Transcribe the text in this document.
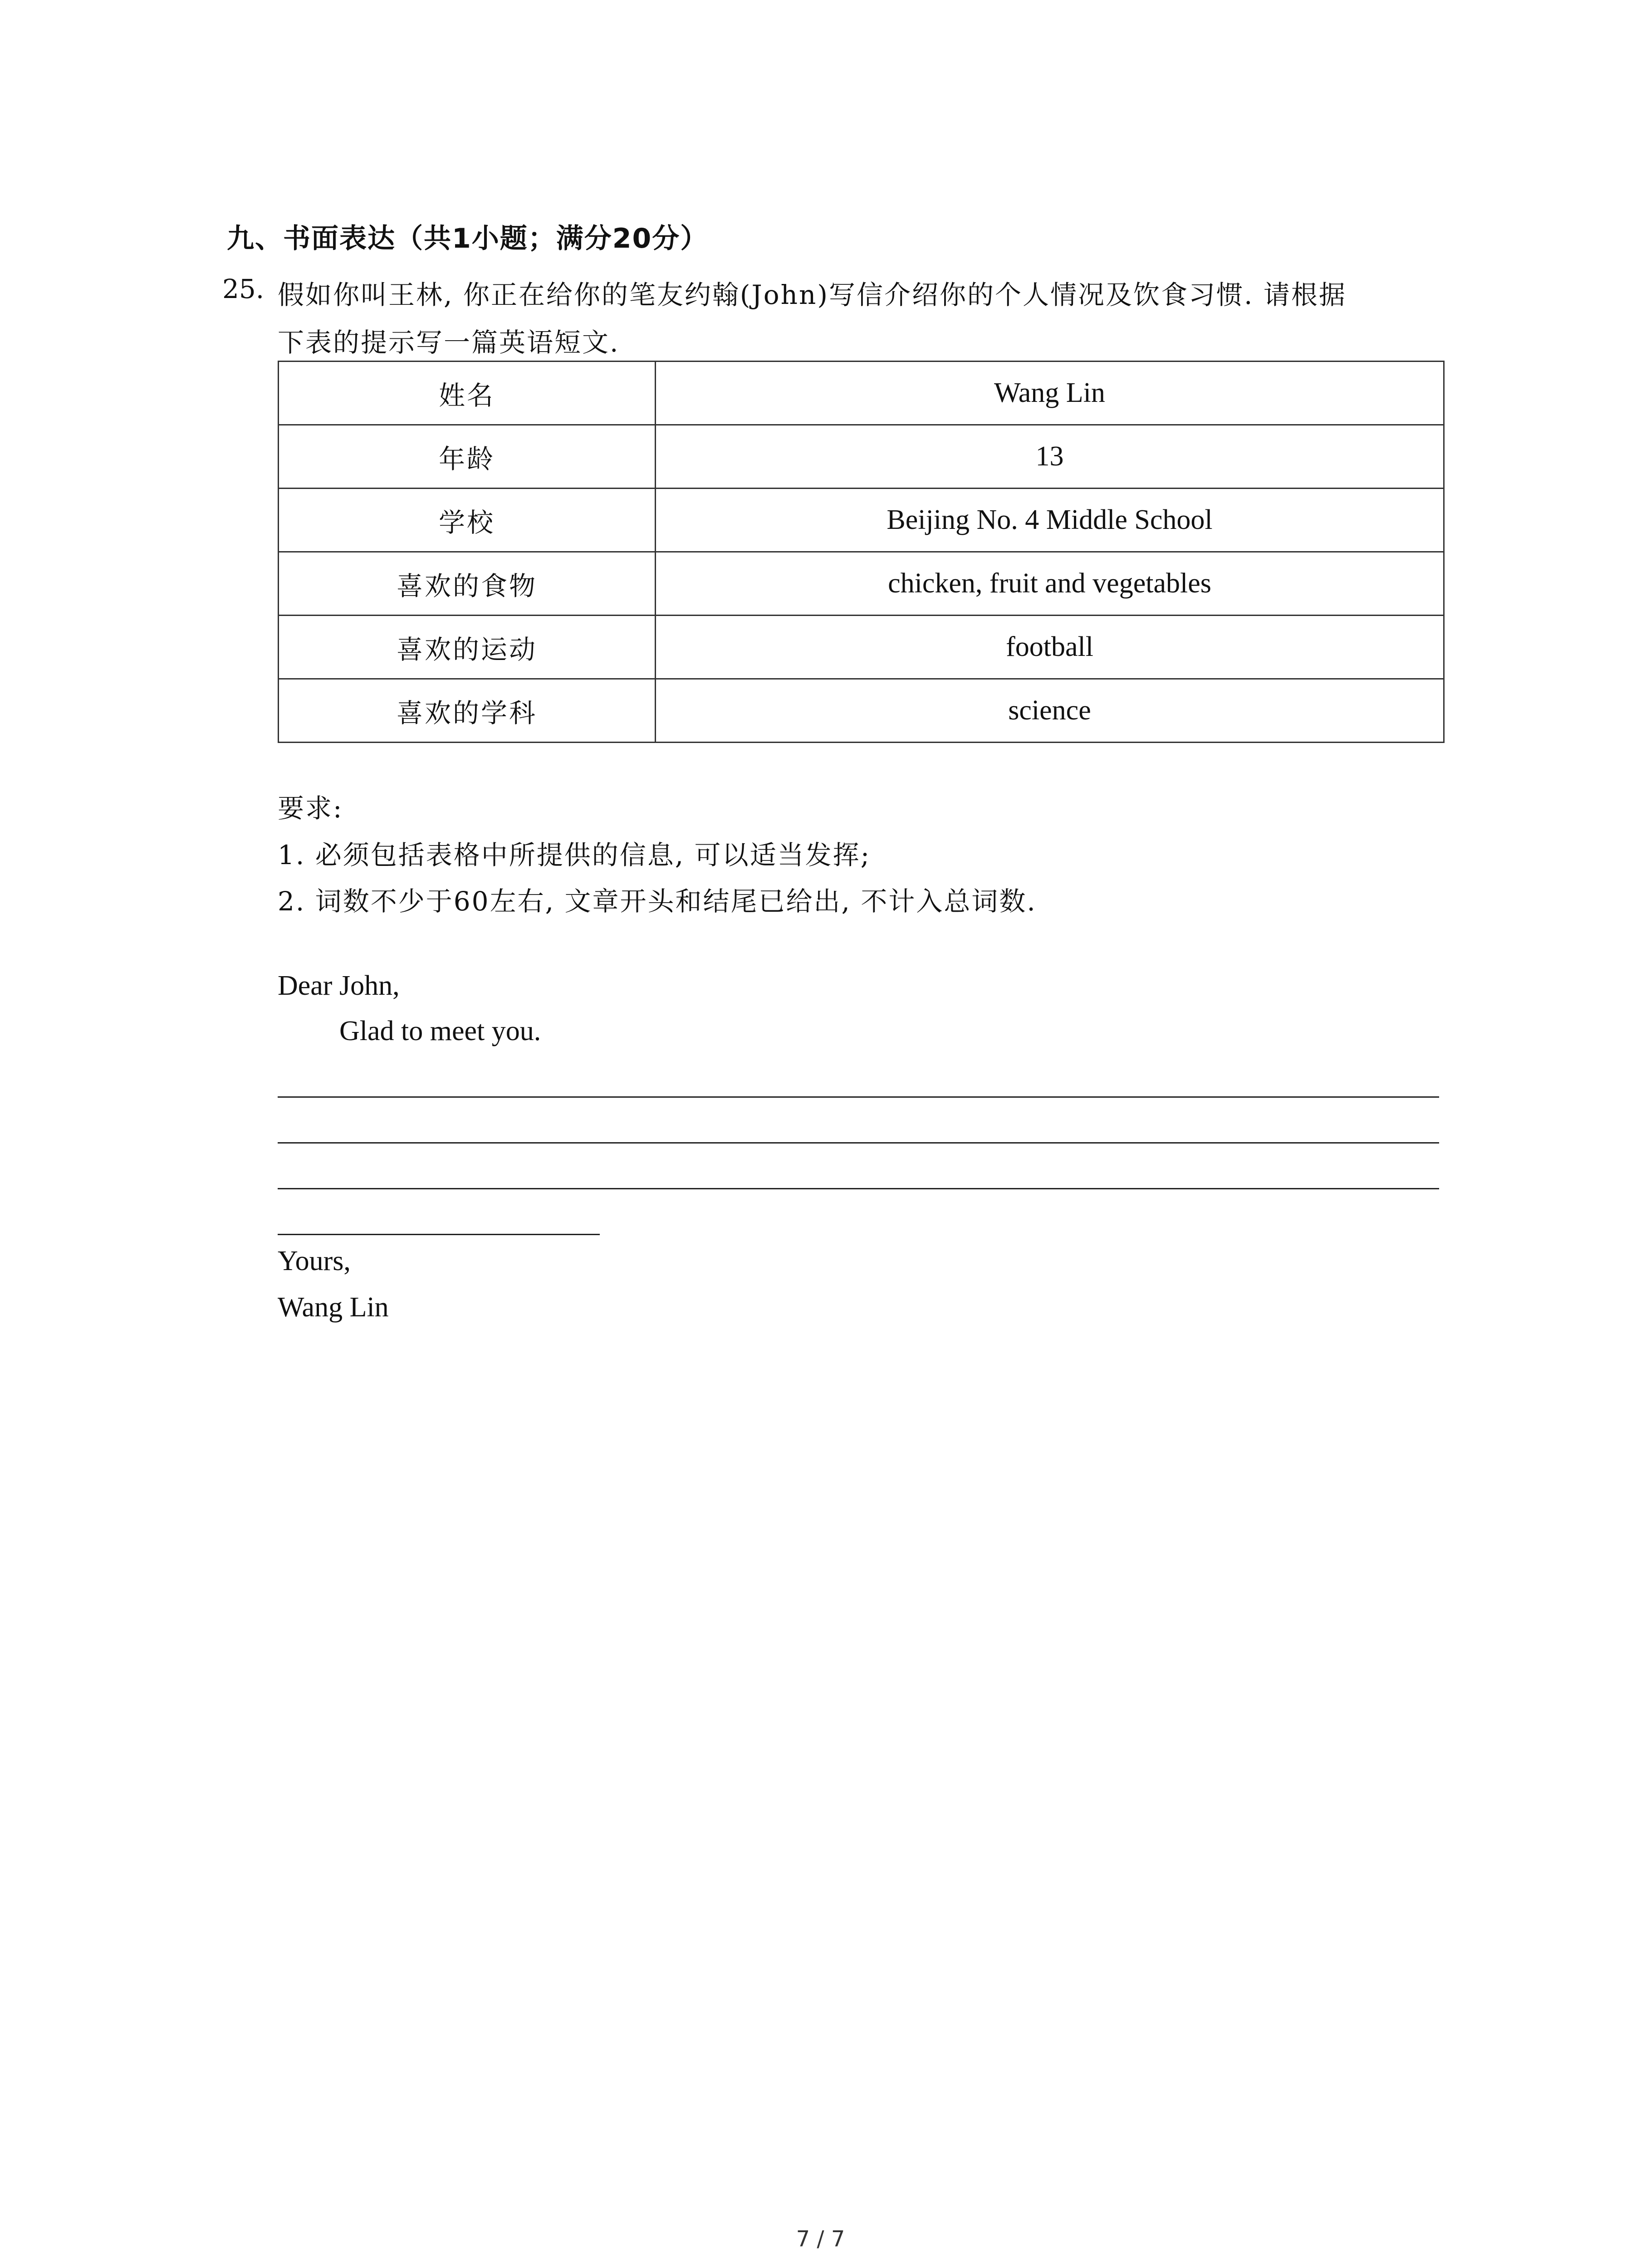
九、书面表达（共1小题；满分20分）
25. 假如你叫王林, 你正在给你的笔友约翰(John)写信介绍你的个人情况及饮食习惯. 请根据
下表的提示写一篇英语短文.
姓名	Wang Lin
年龄	13
学校	Beijing No. 4 Middle School
喜欢的食物	chicken, fruit and vegetables
喜欢的运动	football
喜欢的学科	science
要求:
1. 必须包括表格中所提供的信息, 可以适当发挥;
2. 词数不少于60左右, 文章开头和结尾已给出, 不计入总词数.
Dear John,
Glad to meet you.
Yours,
Wang Lin
7 / 7
